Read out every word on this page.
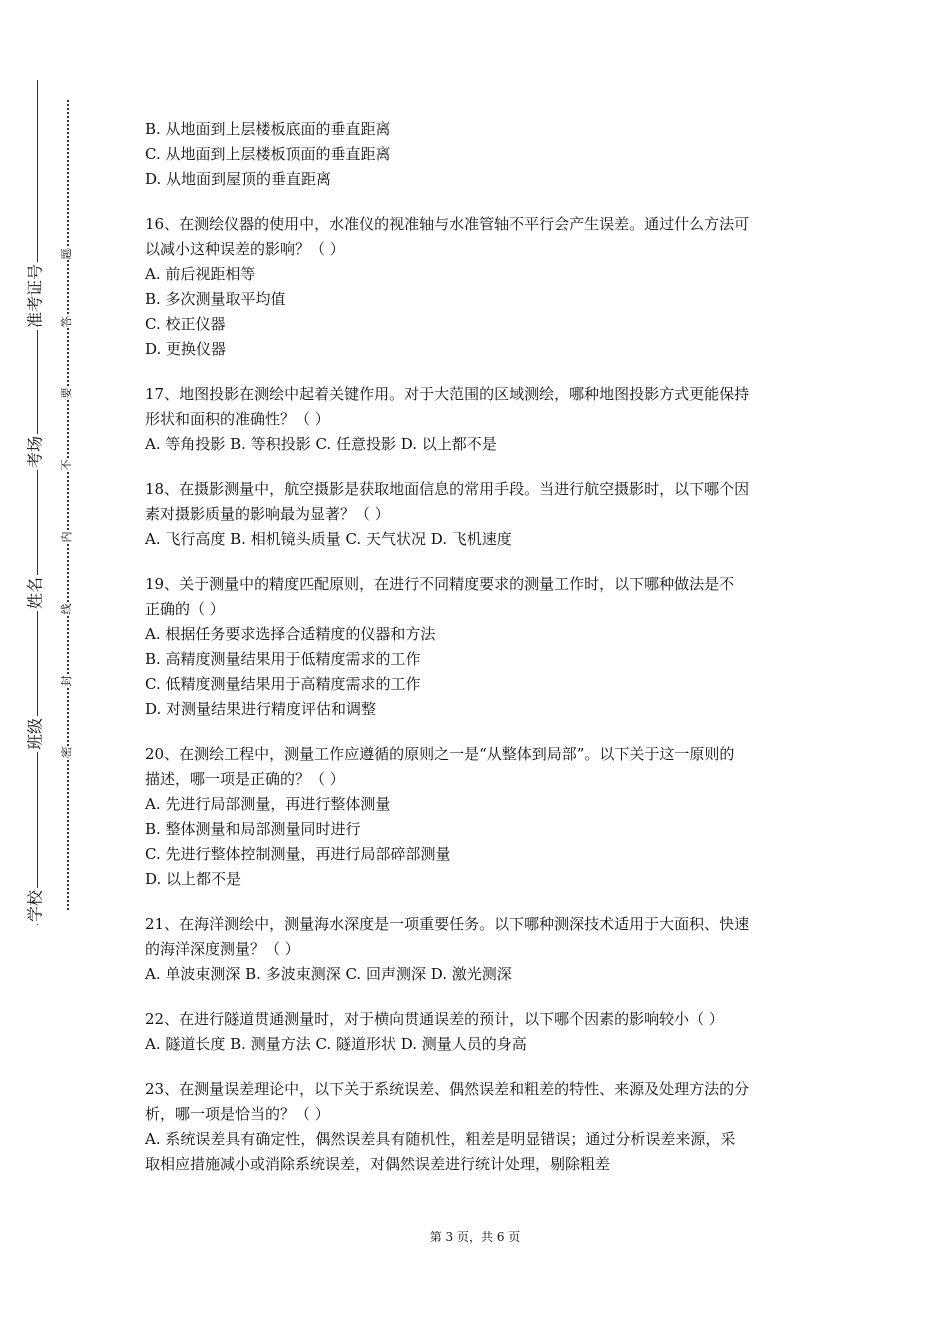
准考证号
考场
姓名
班级
学校
题
答
要
不
内
线
封
密
B. 从地面到上层楼板底面的垂直距离
C. 从地面到上层楼板顶面的垂直距离
D. 从地面到屋顶的垂直距离
16、在测绘仪器的使用中，水准仪的视准轴与水准管轴不平行会产生误差。通过什么方法可
以减小这种误差的影响？（ ）
A. 前后视距相等
B. 多次测量取平均值
C. 校正仪器
D. 更换仪器
17、地图投影在测绘中起着关键作用。对于大范围的区域测绘，哪种地图投影方式更能保持
形状和面积的准确性？（ ）
A. 等角投影 B. 等积投影 C. 任意投影 D. 以上都不是
18、在摄影测量中，航空摄影是获取地面信息的常用手段。当进行航空摄影时，以下哪个因
素对摄影质量的影响最为显著？（ ）
A. 飞行高度 B. 相机镜头质量 C. 天气状况 D. 飞机速度
19、关于测量中的精度匹配原则，在进行不同精度要求的测量工作时，以下哪种做法是不
正确的（ ）
A. 根据任务要求选择合适精度的仪器和方法
B. 高精度测量结果用于低精度需求的工作
C. 低精度测量结果用于高精度需求的工作
D. 对测量结果进行精度评估和调整
20、在测绘工程中，测量工作应遵循的原则之一是“从整体到局部”。以下关于这一原则的
描述，哪一项是正确的？（ ）
A. 先进行局部测量，再进行整体测量
B. 整体测量和局部测量同时进行
C. 先进行整体控制测量，再进行局部碎部测量
D. 以上都不是
21、在海洋测绘中，测量海水深度是一项重要任务。以下哪种测深技术适用于大面积、快速
的海洋深度测量？（ ）
A. 单波束测深 B. 多波束测深 C. 回声测深 D. 激光测深
22、在进行隧道贯通测量时，对于横向贯通误差的预计，以下哪个因素的影响较小（ ）
A. 隧道长度 B. 测量方法 C. 隧道形状 D. 测量人员的身高
23、在测量误差理论中，以下关于系统误差、偶然误差和粗差的特性、来源及处理方法的分
析，哪一项是恰当的？（ ）
A. 系统误差具有确定性，偶然误差具有随机性，粗差是明显错误；通过分析误差来源，采
取相应措施减小或消除系统误差，对偶然误差进行统计处理，剔除粗差
第 3 页，共 6 页
